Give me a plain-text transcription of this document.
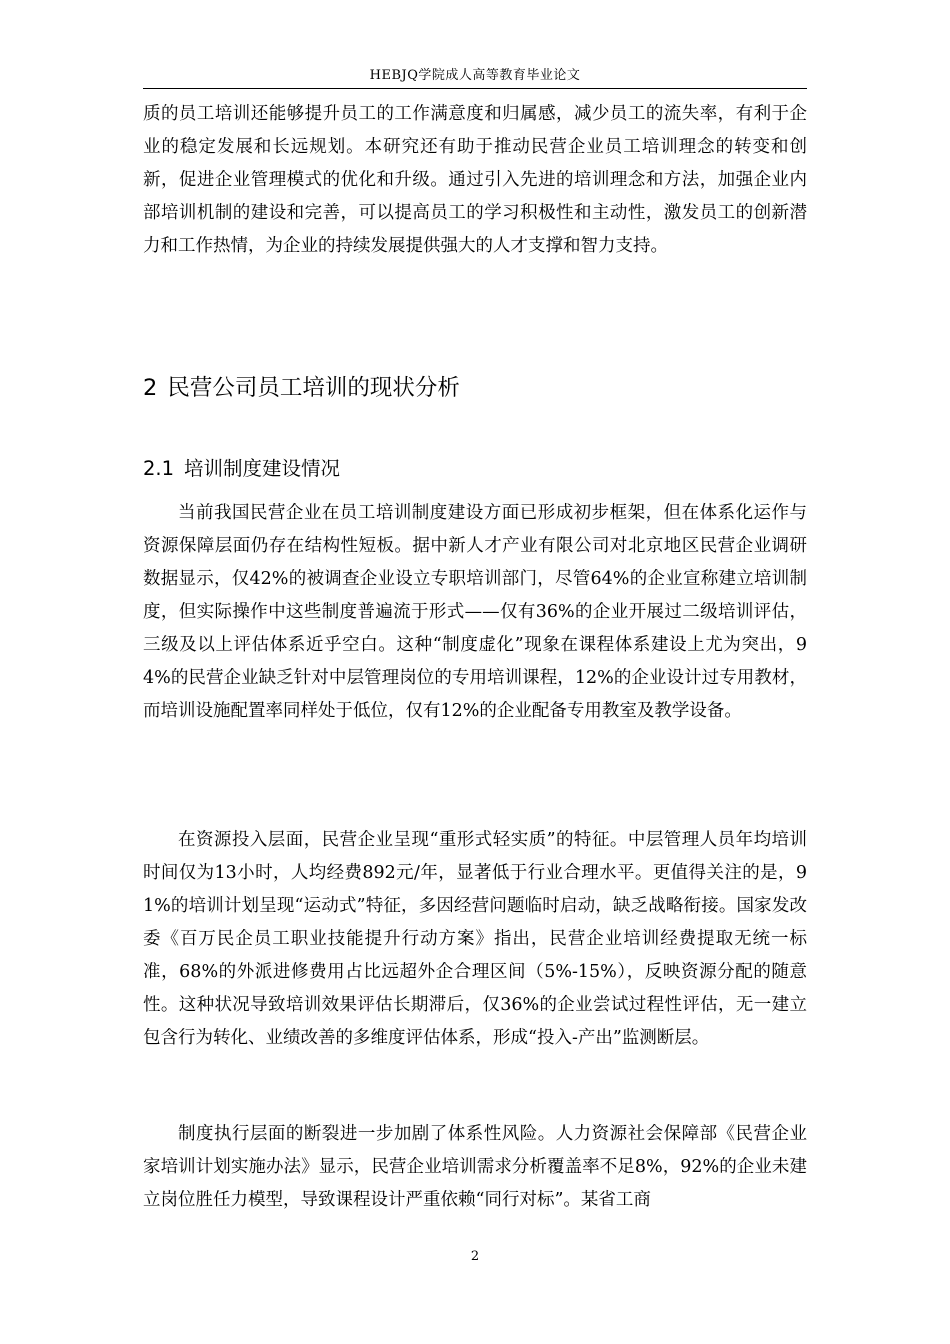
HEBJQ学院成人高等教育毕业论文

质的员工培训还能够提升员工的工作满意度和归属感，减少员工的流失率，有利于企业的稳定发展和长远规划。本研究还有助于推动民营企业员工培训理念的转变和创新，促进企业管理模式的优化和升级。通过引入先进的培训理念和方法，加强企业内部培训机制的建设和完善，可以提高员工的学习积极性和主动性，激发员工的创新潜力和工作热情，为企业的持续发展提供强大的人才支撑和智力支持。

2 民营公司员工培训的现状分析
2.1 培训制度建设情况

当前我国民营企业在员工培训制度建设方面已形成初步框架，但在体系化运作与资源保障层面仍存在结构性短板。据中新人才产业有限公司对北京地区民营企业调研数据显示，仅42%的被调查企业设立专职培训部门，尽管64%的企业宣称建立培训制度，但实际操作中这些制度普遍流于形式——仅有36%的企业开展过二级培训评估，三级及以上评估体系近乎空白。这种“制度虚化”现象在课程体系建设上尤为突出，94%的民营企业缺乏针对中层管理岗位的专用培训课程，12%的企业设计过专用教材，而培训设施配置率同样处于低位，仅有12%的企业配备专用教室及教学设备。

在资源投入层面，民营企业呈现“重形式轻实质”的特征。中层管理人员年均培训时间仅为13小时，人均经费892元/年，显著低于行业合理水平。更值得关注的是，91%的培训计划呈现“运动式”特征，多因经营问题临时启动，缺乏战略衔接。国家发改委《百万民企员工职业技能提升行动方案》指出，民营企业培训经费提取无统一标准，68%的外派进修费用占比远超外企合理区间（5%-15%），反映资源分配的随意性。这种状况导致培训效果评估长期滞后，仅36%的企业尝试过程性评估，无一建立包含行为转化、业绩改善的多维度评估体系，形成“投入-产出”监测断层。

制度执行层面的断裂进一步加剧了体系性风险。人力资源社会保障部《民营企业家培训计划实施办法》显示，民营企业培训需求分析覆盖率不足8%，92%的企业未建立岗位胜任力模型，导致课程设计严重依赖“同行对标”。某省工商

2
